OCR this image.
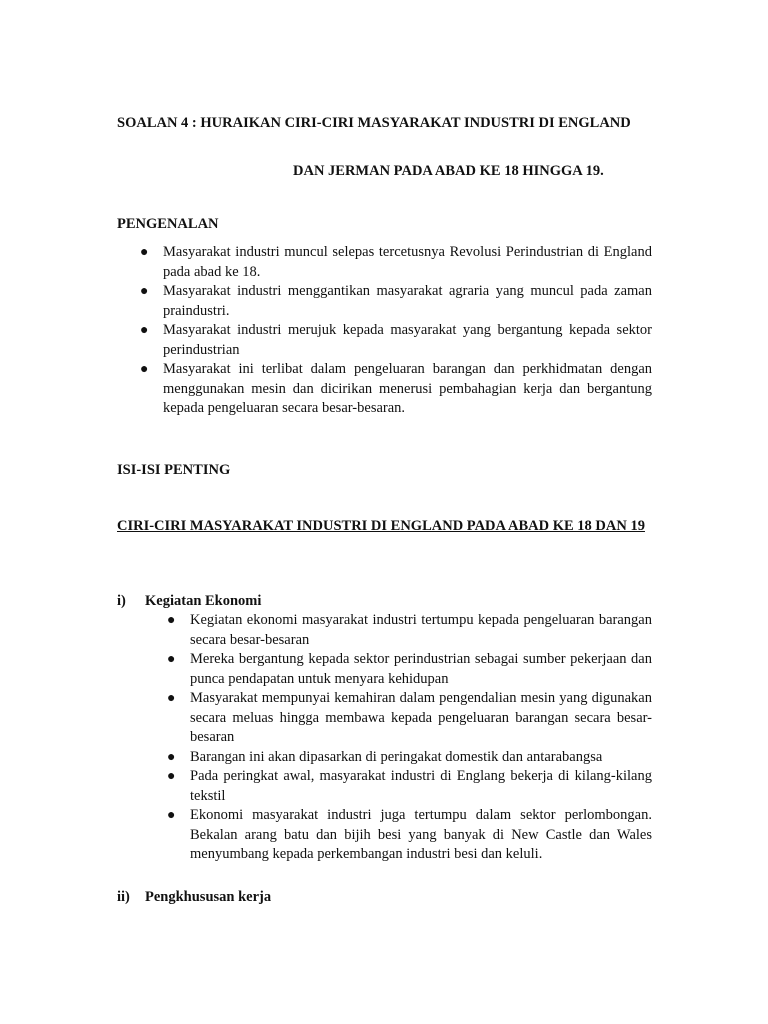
SOALAN 4 : HURAIKAN CIRI-CIRI MASYARAKAT INDUSTRI DI ENGLAND
DAN JERMAN PADA ABAD KE 18 HINGGA 19.
PENGENALAN
● Masyarakat industri muncul selepas tercetusnya Revolusi Perindustrian di England pada abad ke 18.
● Masyarakat industri menggantikan masyarakat agraria yang muncul pada zaman praindustri.
● Masyarakat industri merujuk kepada masyarakat yang bergantung kepada sektor perindustrian
● Masyarakat ini terlibat dalam pengeluaran barangan dan perkhidmatan dengan menggunakan mesin dan dicirikan menerusi pembahagian kerja dan bergantung kepada pengeluaran secara besar-besaran.
ISI-ISI PENTING
CIRI-CIRI MASYARAKAT INDUSTRI DI ENGLAND PADA ABAD KE 18 DAN 19
i) Kegiatan Ekonomi
● Kegiatan ekonomi masyarakat industri tertumpu kepada pengeluaran barangan secara besar-besaran
● Mereka bergantung kepada sektor perindustrian sebagai sumber pekerjaan dan punca pendapatan untuk menyara kehidupan
● Masyarakat mempunyai kemahiran dalam pengendalian mesin yang digunakan secara meluas hingga membawa kepada pengeluaran barangan secara besar-besaran
● Barangan ini akan dipasarkan di peringakat domestik dan antarabangsa
● Pada peringkat awal, masyarakat industri di Englang bekerja di kilang-kilang tekstil
● Ekonomi masyarakat industri juga tertumpu dalam sektor perlombongan. Bekalan arang batu dan bijih besi yang banyak di New Castle dan Wales menyumbang kepada perkembangan industri besi dan keluli.
ii) Pengkhususan kerja
